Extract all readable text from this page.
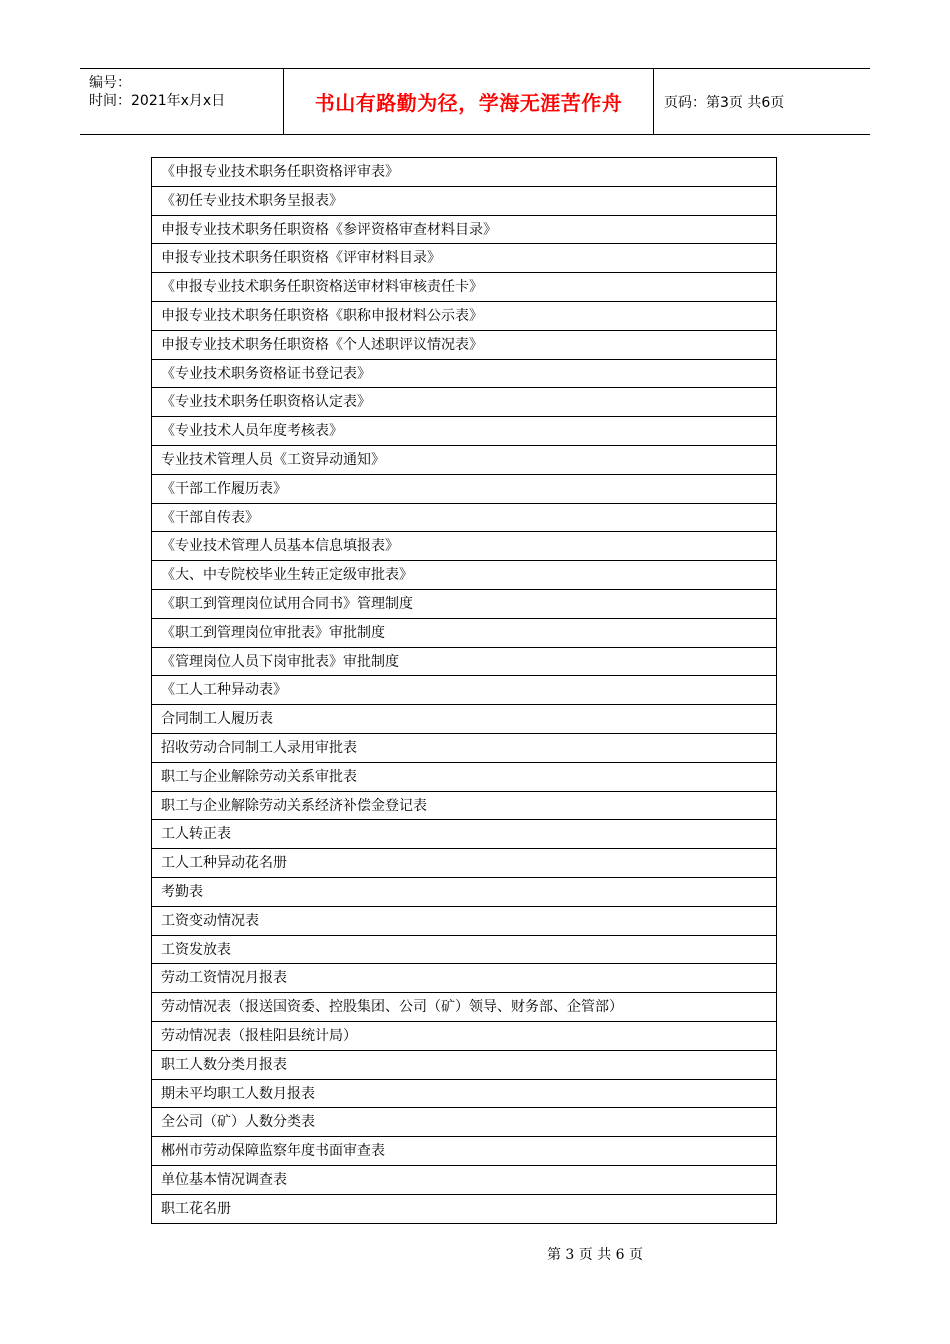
编号：
时间：2021年x月x日	书山有路勤为径，学海无涯苦作舟	页码：第3页 共6页
《申报专业技术职务任职资格评审表》
《初任专业技术职务呈报表》
申报专业技术职务任职资格《参评资格审查材料目录》
申报专业技术职务任职资格《评审材料目录》
《申报专业技术职务任职资格送审材料审核责任卡》
申报专业技术职务任职资格《职称申报材料公示表》
申报专业技术职务任职资格《个人述职评议情况表》
《专业技术职务资格证书登记表》
《专业技术职务任职资格认定表》
《专业技术人员年度考核表》
专业技术管理人员《工资异动通知》
《干部工作履历表》
《干部自传表》
《专业技术管理人员基本信息填报表》
《大、中专院校毕业生转正定级审批表》
《职工到管理岗位试用合同书》管理制度
《职工到管理岗位审批表》审批制度
《管理岗位人员下岗审批表》审批制度
《工人工种异动表》
合同制工人履历表
招收劳动合同制工人录用审批表
职工与企业解除劳动关系审批表
职工与企业解除劳动关系经济补偿金登记表
工人转正表
工人工种异动花名册
考勤表
工资变动情况表
工资发放表
劳动工资情况月报表
劳动情况表（报送国资委、控股集团、公司（矿）领导、财务部、企管部）
劳动情况表（报桂阳县统计局）
职工人数分类月报表
期未平均职工人数月报表
全公司（矿）人数分类表
郴州市劳动保障监察年度书面审查表
单位基本情况调查表
职工花名册
第 3 页 共 6 页
